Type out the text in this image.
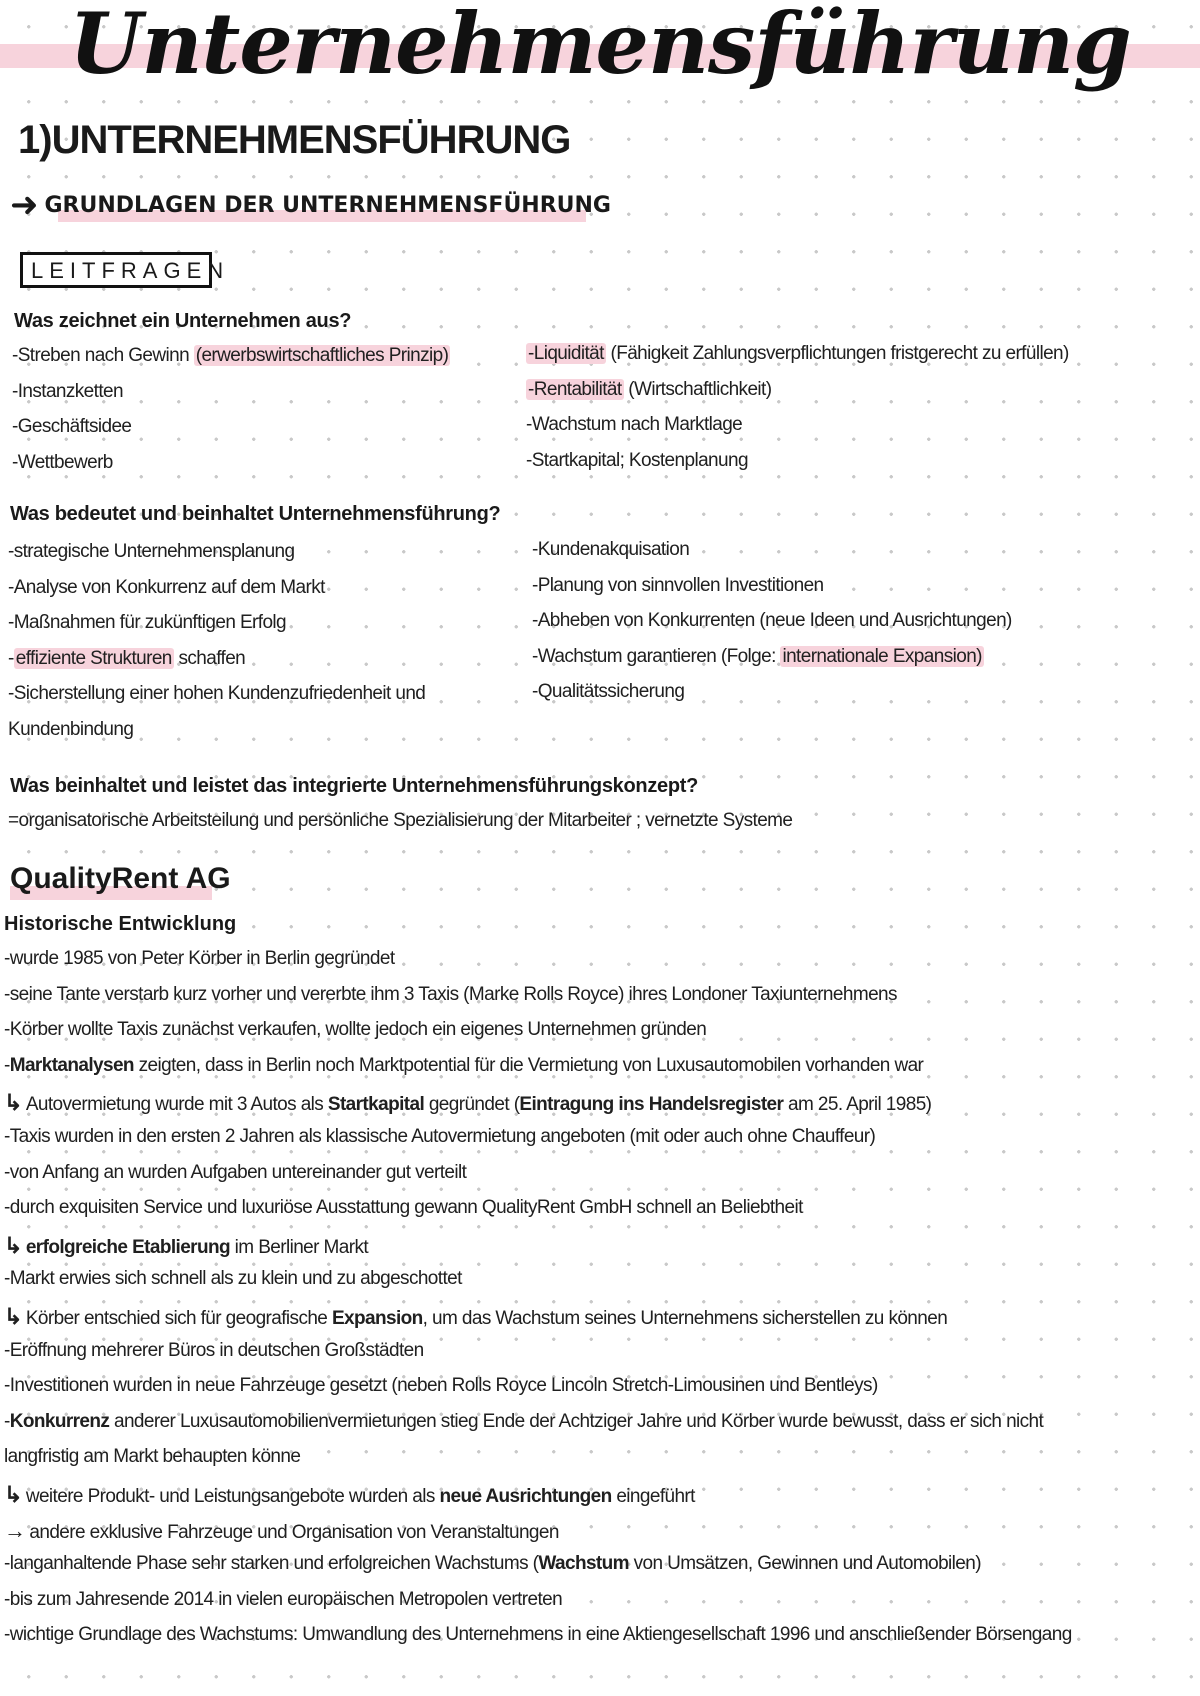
Unternehmensführung
1)UNTERNEHMENSFÜHRUNG
➜ GRUNDLAGEN DER UNTERNEHMENSFÜHRUNG
LEITFRAGEN
Was zeichnet ein Unternehmen aus?
-Streben nach Gewinn (erwerbswirtschaftliches Prinzip)
-Instanzketten
-Geschäftsidee
-Wettbewerb
-Liquidität (Fähigkeit Zahlungsverpflichtungen fristgerecht zu erfüllen)
-Rentabilität (Wirtschaftlichkeit)
-Wachstum nach Marktlage
-Startkapital; Kostenplanung
Was bedeutet und beinhaltet Unternehmensführung?
-strategische Unternehmensplanung
-Analyse von Konkurrenz auf dem Markt
-Maßnahmen für zukünftigen Erfolg
- effiziente Strukturen schaffen
-Sicherstellung einer hohen Kundenzufriedenheit und
Kundenbindung
-Kundenakquisation
-Planung von sinnvollen Investitionen
-Abheben von Konkurrenten (neue Ideen und Ausrichtungen)
-Wachstum garantieren (Folge: internationale Expansion)
-Qualitätssicherung
Was beinhaltet und leistet das integrierte Unternehmensführungskonzept?
=organisatorische Arbeitsteilung und persönliche Spezialisierung der Mitarbeiter ; vernetzte Systeme
QualityRent AG
Historische Entwicklung
-wurde 1985 von Peter Körber in Berlin gegründet
-seine Tante verstarb kurz vorher und vererbte ihm 3 Taxis (Marke Rolls Royce) ihres Londoner Taxiunternehmens
-Körber wollte Taxis zunächst verkaufen, wollte jedoch ein eigenes Unternehmen gründen
-Marktanalysen zeigten, dass in Berlin noch Marktpotential für die Vermietung von Luxusautomobilen vorhanden war
↳ Autovermietung wurde mit 3 Autos als Startkapital gegründet (Eintragung ins Handelsregister am 25. April 1985)
-Taxis wurden in den ersten 2 Jahren als klassische Autovermietung angeboten (mit oder auch ohne Chauffeur)
-von Anfang an wurden Aufgaben untereinander gut verteilt
-durch exquisiten Service und luxuriöse Ausstattung gewann QualityRent GmbH schnell an Beliebtheit
↳ erfolgreiche Etablierung im Berliner Markt
-Markt erwies sich schnell als zu klein und zu abgeschottet
↳ Körber entschied sich für geografische Expansion, um das Wachstum seines Unternehmens sicherstellen zu können
-Eröffnung mehrerer Büros in deutschen Großstädten
-Investitionen wurden in neue Fahrzeuge gesetzt (neben Rolls Royce Lincoln Stretch-Limousinen und Bentleys)
-Konkurrenz anderer Luxusautomobilienvermietungen stieg Ende der Achtziger Jahre und Körber wurde bewusst, dass er sich nicht
langfristig am Markt behaupten könne
↳ weitere Produkt- und Leistungsangebote wurden als neue Ausrichtungen eingeführt
→ andere exklusive Fahrzeuge und Organisation von Veranstaltungen
-langanhaltende Phase sehr starken und erfolgreichen Wachstums (Wachstum von Umsätzen, Gewinnen und Automobilen)
-bis zum Jahresende 2014 in vielen europäischen Metropolen vertreten
-wichtige Grundlage des Wachstums: Umwandlung des Unternehmens in eine Aktiengesellschaft 1996 und anschließender Börsengang
